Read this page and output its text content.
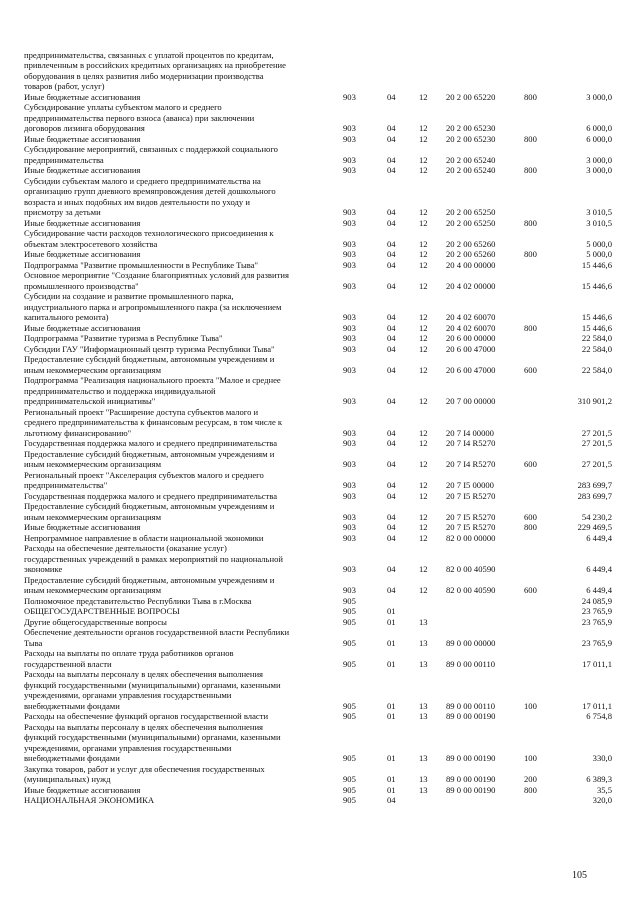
предпринимательства, связанных с уплатой процентов по кредитам,
привлеченным в российских кредитных организациях на приобретение
оборудования в целях развития либо модернизации производства
товаров (работ, услуг)
Иные бюджетные ассигнования	903	04	12 20 2 00 65220	800	3 000,0
Субсидирование уплаты субъектом малого и среднего
предпринимательства первого взноса (аванса) при заключении
договоров лизинга оборудования	903	04	12 20 2 00 65230	6 000,0
Иные бюджетные ассигнования	903	04	12 20 2 00 65230	800	6 000,0
Субсидирование мероприятий, связанных с поддержкой социального
предпринимательства	903	04	12 20 2 00 65240	3 000,0
Иные бюджетные ассигнования	903	04	12 20 2 00 65240	800	3 000,0
Субсидии субъектам малого и среднего предпринимательства на
организацию групп дневного времяпровождения детей дошкольного
возраста и иных подобных им видов деятельности по уходу и
присмотру за детьми	903	04	12 20 2 00 65250	3 010,5
Иные бюджетные ассигнования	903	04	12 20 2 00 65250	800	3 010,5
Субсидирование части расходов технологического присоединения к
объектам электросетевого хозяйства	903	04	12 20 2 00 65260	5 000,0
Иные бюджетные ассигнования	903	04	12 20 2 00 65260	800	5 000,0
Подпрограмма "Развитие промышленности в Республике Тыва"	903	04	12 20 4 00 00000	15 446,6
Основное мероприятие "Создание благоприятных условий для развития
промышленного производства"	903	04	12 20 4 02 00000	15 446,6
Субсидии на создание и развитие промышленного парка,
индустриального парка и агропромышленного пакра (за исключением
капитального ремонта)	903	04	12 20 4 02 60070	15 446,6
Иные бюджетные ассигнования	903	04	12 20 4 02 60070	800	15 446,6
Подпрограмма "Развитие туризма в Республике Тыва"	903	04	12 20 6 00 00000	22 584,0
Субсидии ГАУ "Информационный центр туризма Республики Тыва"	903	04	12 20 6 00 47000	22 584,0
Предоставление субсидий бюджетным, автономным учреждениям и
иным некоммерческим организациям	903	04	12 20 6 00 47000	600	22 584,0
Подпрограмма "Реализация национального проекта "Малое и среднее
предпринимательство и поддержка индивидуальной
предпринимательской инициативы"	903	04	12 20 7 00 00000	310 901,2
Региональный проект "Расширение доступа субъектов малого и
среднего предпринимательства к финансовым ресурсам, в том числе к
льготному финансированию"	903	04	12 20 7 I4 00000	27 201,5
Государственная поддержка малого и среднего предпринимательства	903	04	12 20 7 I4 R5270	27 201,5
Предоставление субсидий бюджетным, автономным учреждениям и
иным некоммерческим организациям	903	04	12 20 7 I4 R5270	600	27 201,5
Региональный проект "Акселерация субъектов малого и среднего
предпринимательства"	903	04	12 20 7 I5 00000	283 699,7
Государственная поддержка малого и среднего предпринимательства	903	04	12 20 7 I5 R5270	283 699,7
Предоставление субсидий бюджетным, автономным учреждениям и
иным некоммерческим организациям	903	04	12 20 7 I5 R5270	600	54 230,2
Иные бюджетные ассигнования	903	04	12 20 7 I5 R5270	800	229 469,5
Непрограммное направление в области национальной экономики	903	04	12 82 0 00 00000	6 449,4
Расходы на обеспечение деятельности (оказание услуг)
государственных учреждений в рамках мероприятий по национальной
экономике	903	04	12 82 0 00 40590	6 449,4
Предоставление субсидий бюджетным, автономным учреждениям и
иным некоммерческим организациям	903	04	12 82 0 00 40590	600	6 449,4
Полномочное представительство Республики Тыва в г.Москва	905	24 085,9
ОБЩЕГОСУДАРСТВЕННЫЕ ВОПРОСЫ	905	01	23 765,9
Другие общегосударственные вопросы	905	01	13	23 765,9
Обеспечение деятельности органов государственной власти Республики
Тыва	905	01	13 89 0 00 00000	23 765,9
Расходы на выплаты по оплате труда работников органов
государственной власти	905	01	13 89 0 00 00110	17 011,1
Расходы на выплаты персоналу в целях обеспечения выполнения
функций государственными (муниципальными) органами, казенными
учреждениями, органами управления государственными
внебюджетными фондами	905	01	13 89 0 00 00110	100	17 011,1
Расходы на обеспечение функций органов государственной власти	905	01	13 89 0 00 00190	6 754,8
Расходы на выплаты персоналу в целях обеспечения выполнения
функций государственными (муниципальными) органами, казенными
учреждениями, органами управления государственными
внебюджетными фондами	905	01	13 89 0 00 00190	100	330,0
Закупка товаров, работ и услуг для обеспечения государственных
(муниципальных) нужд	905	01	13 89 0 00 00190	200	6 389,3
Иные бюджетные ассигнования	905	01	13 89 0 00 00190	800	35,5
НАЦИОНАЛЬНАЯ ЭКОНОМИКА	905	04	320,0
105
